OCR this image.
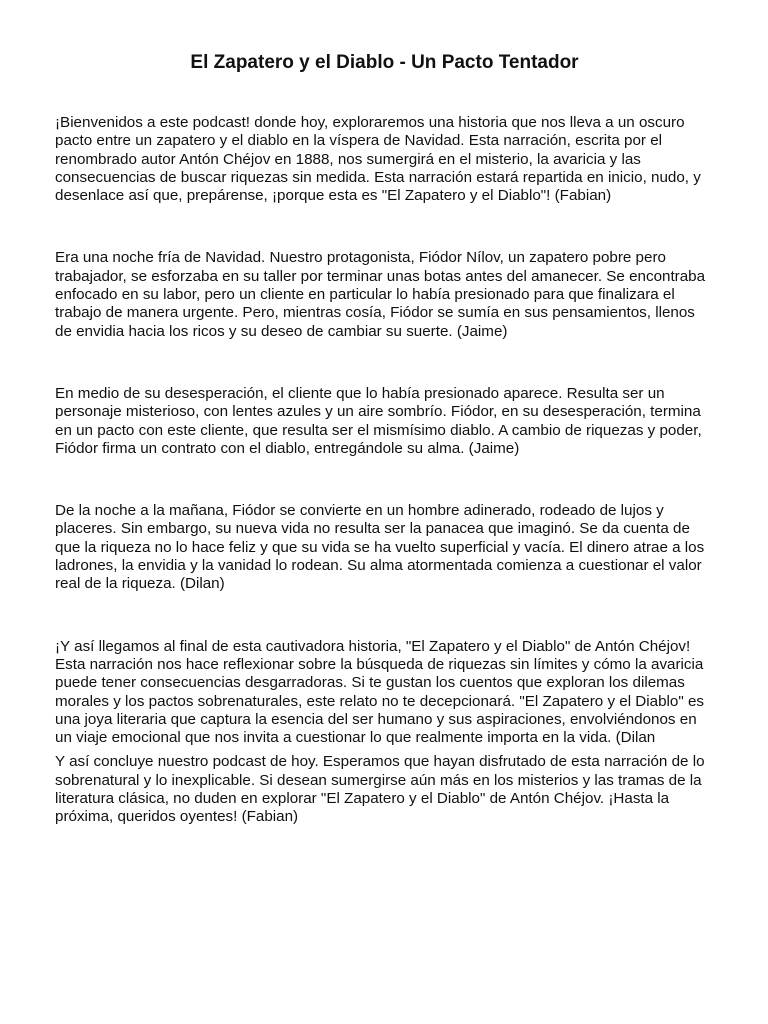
El Zapatero y el Diablo - Un Pacto Tentador

¡Bienvenidos a este podcast! donde hoy, exploraremos una historia que nos lleva a un oscuro pacto entre un zapatero y el diablo en la víspera de Navidad. Esta narración, escrita por el renombrado autor Antón Chéjov en 1888, nos sumergirá en el misterio, la avaricia y las consecuencias de buscar riquezas sin medida. Esta narración estará repartida en inicio, nudo, y desenlace así que, prepárense, ¡porque esta es "El Zapatero y el Diablo"! (Fabian)

Era una noche fría de Navidad. Nuestro protagonista, Fiódor Nílov, un zapatero pobre pero trabajador, se esforzaba en su taller por terminar unas botas antes del amanecer. Se encontraba enfocado en su labor, pero un cliente en particular lo había presionado para que finalizara el trabajo de manera urgente. Pero, mientras cosía, Fiódor se sumía en sus pensamientos, llenos de envidia hacia los ricos y su deseo de cambiar su suerte. (Jaime)

En medio de su desesperación, el cliente que lo había presionado aparece. Resulta ser un personaje misterioso, con lentes azules y un aire sombrío. Fiódor, en su desesperación, termina en un pacto con este cliente, que resulta ser el mismísimo diablo. A cambio de riquezas y poder, Fiódor firma un contrato con el diablo, entregándole su alma. (Jaime)

De la noche a la mañana, Fiódor se convierte en un hombre adinerado, rodeado de lujos y placeres. Sin embargo, su nueva vida no resulta ser la panacea que imaginó. Se da cuenta de que la riqueza no lo hace feliz y que su vida se ha vuelto superficial y vacía. El dinero atrae a los ladrones, la envidia y la vanidad lo rodean. Su alma atormentada comienza a cuestionar el valor real de la riqueza. (Dilan)

¡Y así llegamos al final de esta cautivadora historia, "El Zapatero y el Diablo" de Antón Chéjov! Esta narración nos hace reflexionar sobre la búsqueda de riquezas sin límites y cómo la avaricia puede tener consecuencias desgarradoras. Si te gustan los cuentos que exploran los dilemas morales y los pactos sobrenaturales, este relato no te decepcionará. "El Zapatero y el Diablo" es una joya literaria que captura la esencia del ser humano y sus aspiraciones, envolviéndonos en un viaje emocional que nos invita a cuestionar lo que realmente importa en la vida. (Dilan

Y así concluye nuestro podcast de hoy. Esperamos que hayan disfrutado de esta narración de lo sobrenatural y lo inexplicable. Si desean sumergirse aún más en los misterios y las tramas de la literatura clásica, no duden en explorar "El Zapatero y el Diablo" de Antón Chéjov. ¡Hasta la próxima, queridos oyentes! (Fabian)
